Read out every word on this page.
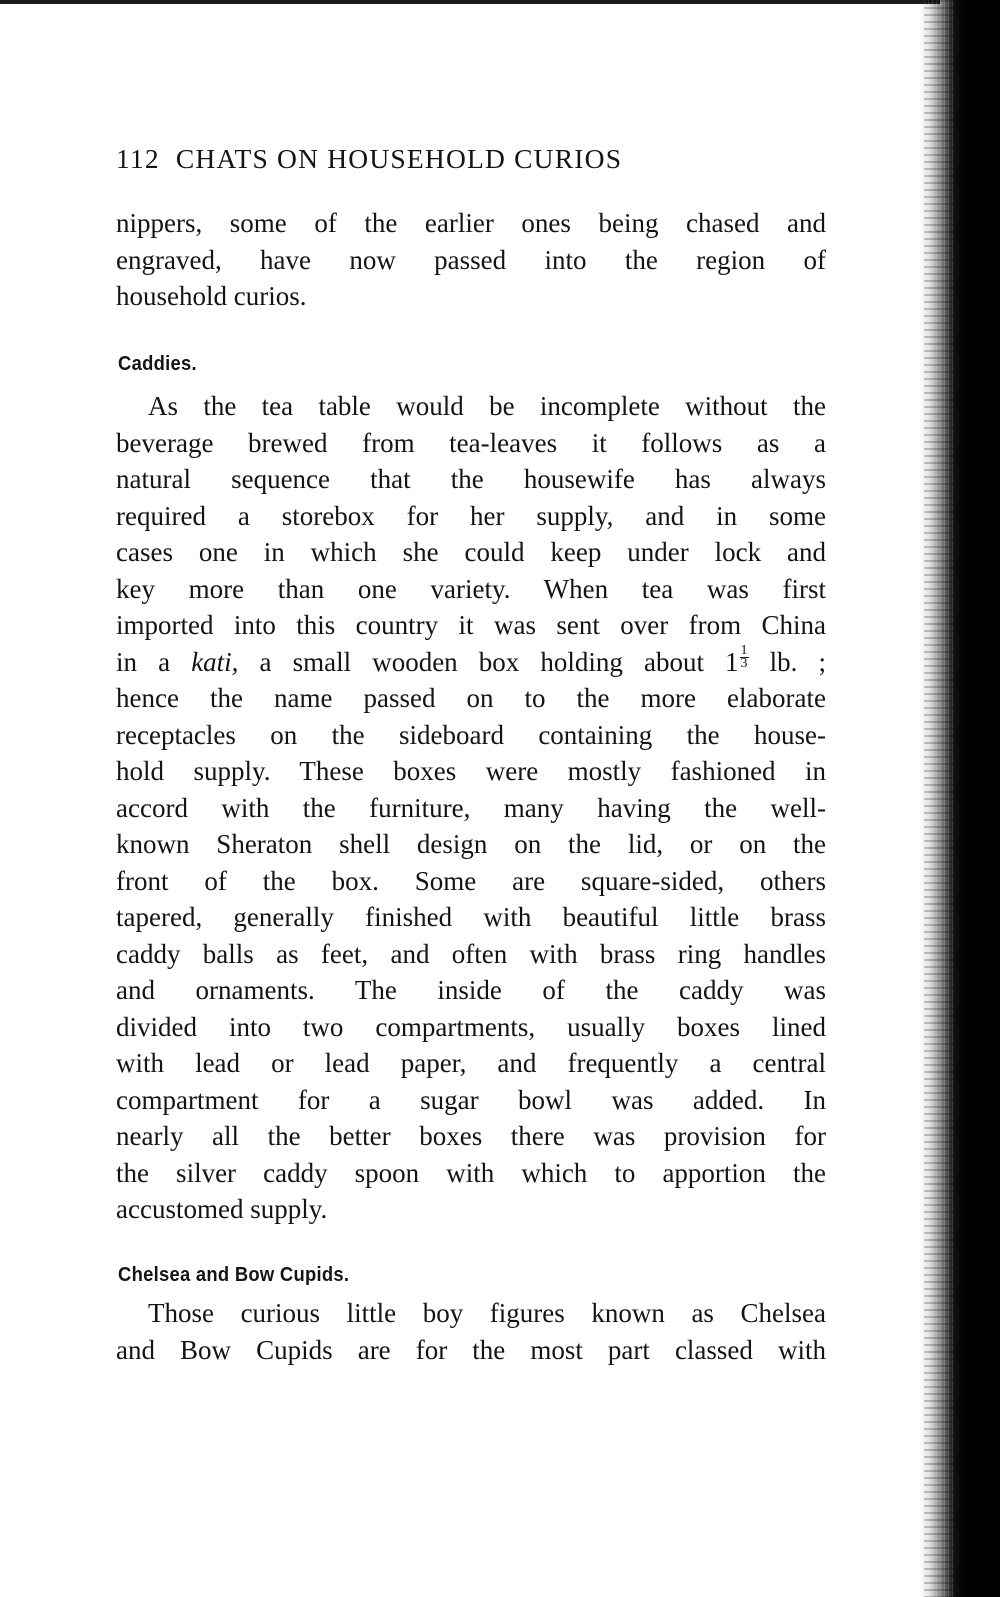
112 CHATS ON HOUSEHOLD CURIOS

nippers, some of the earlier ones being chased and
engraved, have now passed into the region of
household curios.

Caddies.

As the tea table would be incomplete without the
beverage brewed from tea-leaves it follows as a
natural sequence that the housewife has always
required a storebox for her supply, and in some
cases one in which she could keep under lock and
key more than one variety. When tea was first
imported into this country it was sent over from China
in a kati, a small wooden box holding about $1 \frac{1}{3}$ lb. ;
hence the name passed on to the more elaborate
receptacles on the sideboard containing the house-
hold supply. These boxes were mostly fashioned in
accord with the furniture, many having the well-
known Sheraton shell design on the lid, or on the
front of the box. Some are square-sided, others
tapered, generally finished with beautiful little brass
caddy balls as feet, and often with brass ring handles
and ornaments. The inside of the caddy was
divided into two compartments, usually boxes lined
with lead or lead paper, and frequently a central
compartment for a sugar bowl was added. In
nearly all the better boxes there was provision for
the silver caddy spoon with which to apportion the
accustomed supply.

Chelsea and Bow Cupids.

Those curious little boy figures known as Chelsea
and Bow Cupids are for the most part classed with
